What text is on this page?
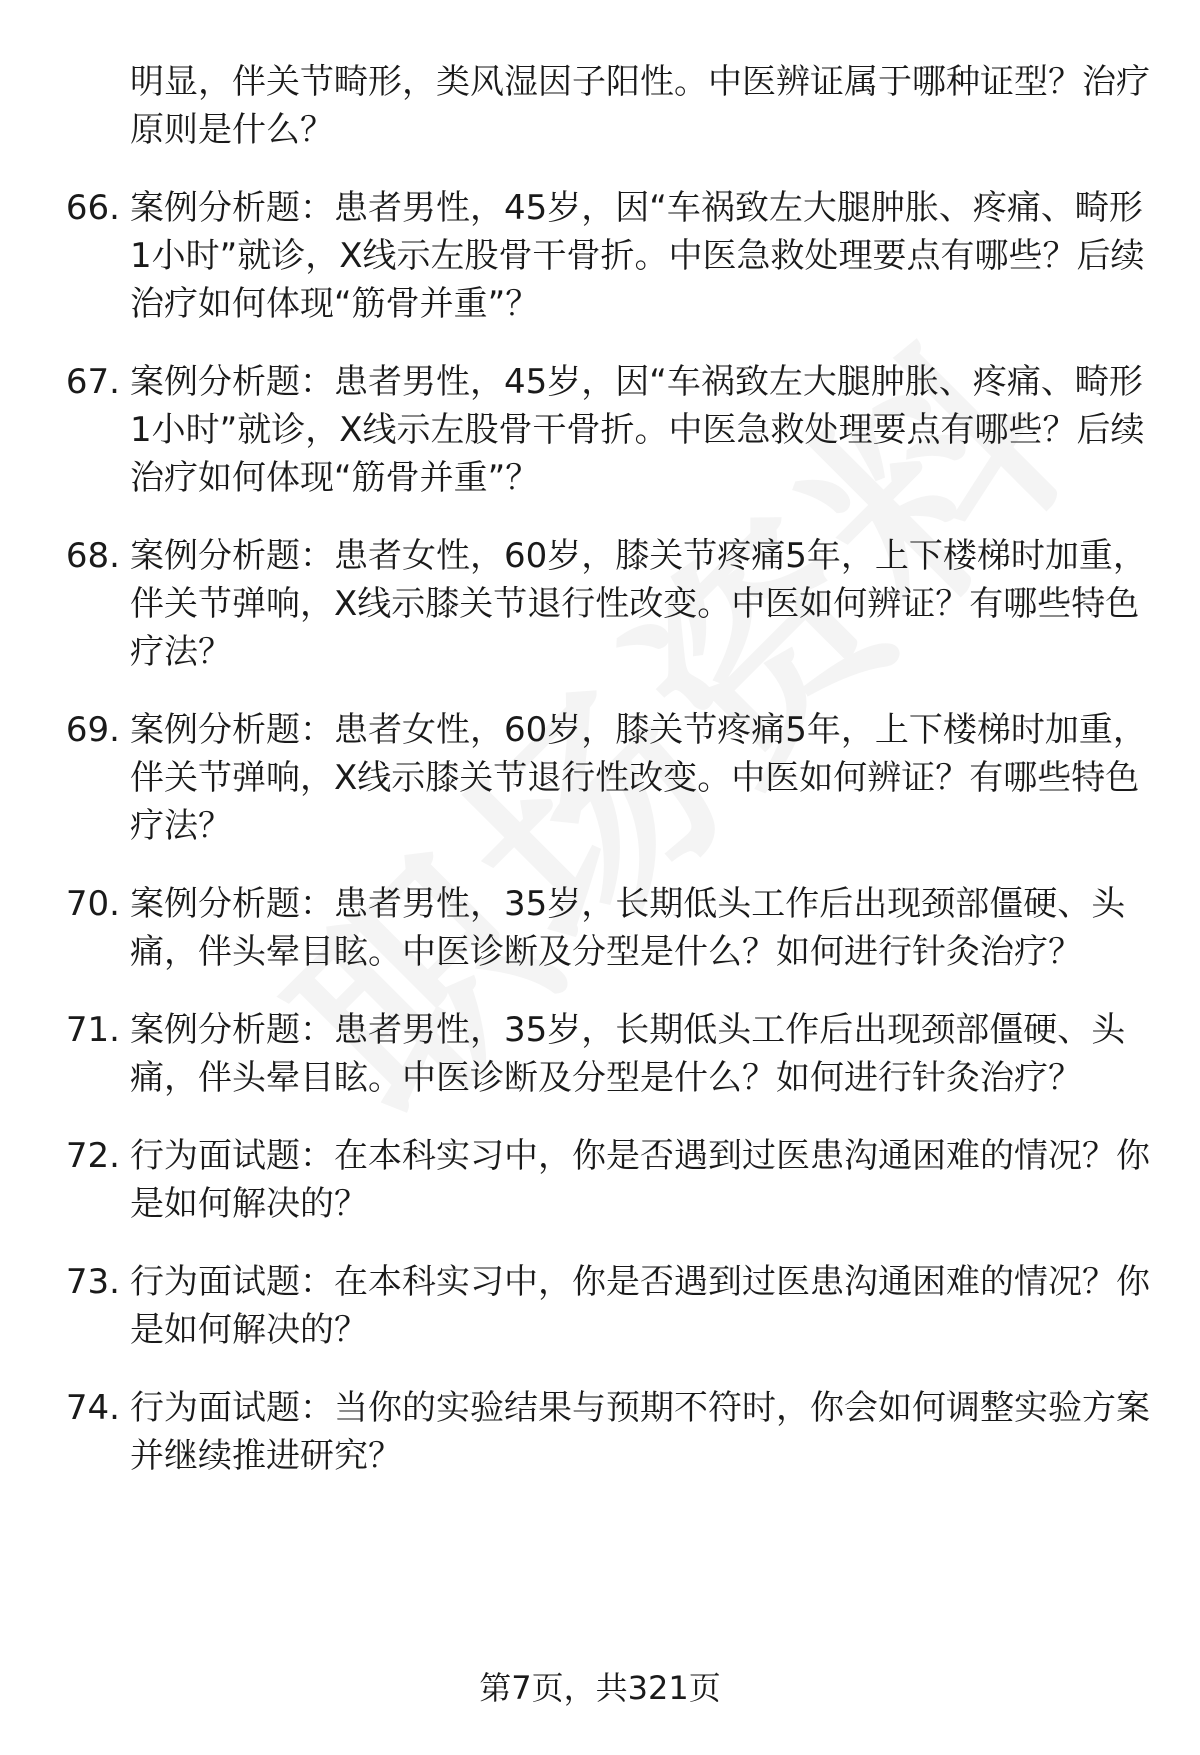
明显，伴关节畸形，类风湿因子阳性。中医辨证属于哪种证型？治疗原则是什么？
66. 案例分析题：患者男性，45岁，因“车祸致左大腿肿胀、疼痛、畸形1小时”就诊，X线示左股骨干骨折。中医急救处理要点有哪些？后续治疗如何体现“筋骨并重”？
67. 案例分析题：患者男性，45岁，因“车祸致左大腿肿胀、疼痛、畸形1小时”就诊，X线示左股骨干骨折。中医急救处理要点有哪些？后续治疗如何体现“筋骨并重”？
68. 案例分析题：患者女性，60岁，膝关节疼痛5年，上下楼梯时加重，伴关节弹响，X线示膝关节退行性改变。中医如何辨证？有哪些特色疗法？
69. 案例分析题：患者女性，60岁，膝关节疼痛5年，上下楼梯时加重，伴关节弹响，X线示膝关节退行性改变。中医如何辨证？有哪些特色疗法？
70. 案例分析题：患者男性，35岁，长期低头工作后出现颈部僵硬、头痛，伴头晕目眩。中医诊断及分型是什么？如何进行针灸治疗？
71. 案例分析题：患者男性，35岁，长期低头工作后出现颈部僵硬、头痛，伴头晕目眩。中医诊断及分型是什么？如何进行针灸治疗？
72. 行为面试题：在本科实习中，你是否遇到过医患沟通困难的情况？你是如何解决的？
73. 行为面试题：在本科实习中，你是否遇到过医患沟通困难的情况？你是如何解决的？
74. 行为面试题：当你的实验结果与预期不符时，你会如何调整实验方案并继续推进研究？
第7页，共321页
